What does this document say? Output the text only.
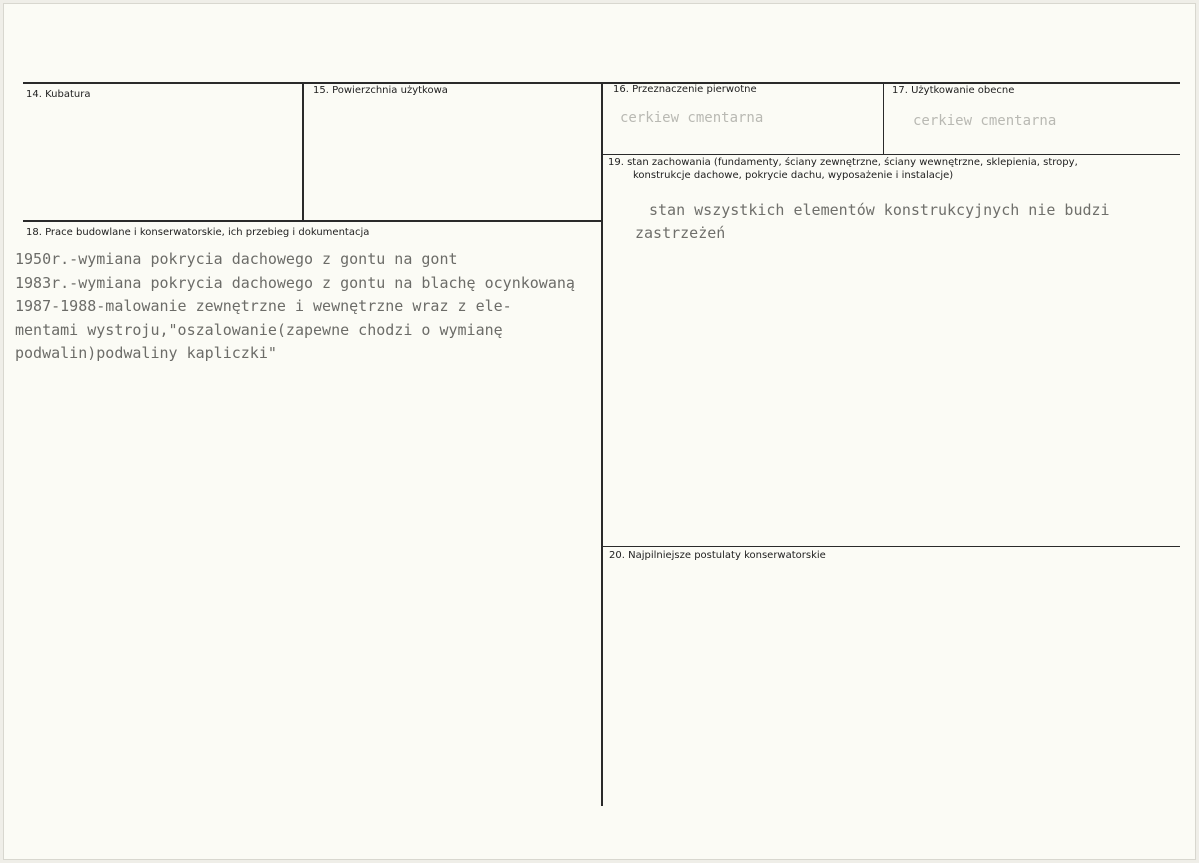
14. Kubatura	15. Powierzchnia użytkowa	16. Przeznaczenie pierwotne
cerkiew cmentarna
17. Użytkowanie obecne
cerkiew cmentarna
19. stan zachowania (fundamenty, ściany zewnętrzne, ściany wewnętrzne, sklepienia, stropy,
konstrukcje dachowe, pokrycie dachu, wyposażenie i instalacje)
stan wszystkich elementów konstrukcyjnych nie budzi
zastrzeżeń
18. Prace budowlane i konserwatorskie, ich przebieg i dokumentacja
1950r.-wymiana pokrycia dachowego z gontu na gont
1983r.-wymiana pokrycia dachowego z gontu na blachę ocynkowaną
1987-1988-malowanie zewnętrzne i wewnętrzne wraz z ele-
mentami wystroju,"oszalowanie(zapewne chodzi o wymianę
podwalin)podwaliny kapliczki"
20. Najpilniejsze postulaty konserwatorskie
